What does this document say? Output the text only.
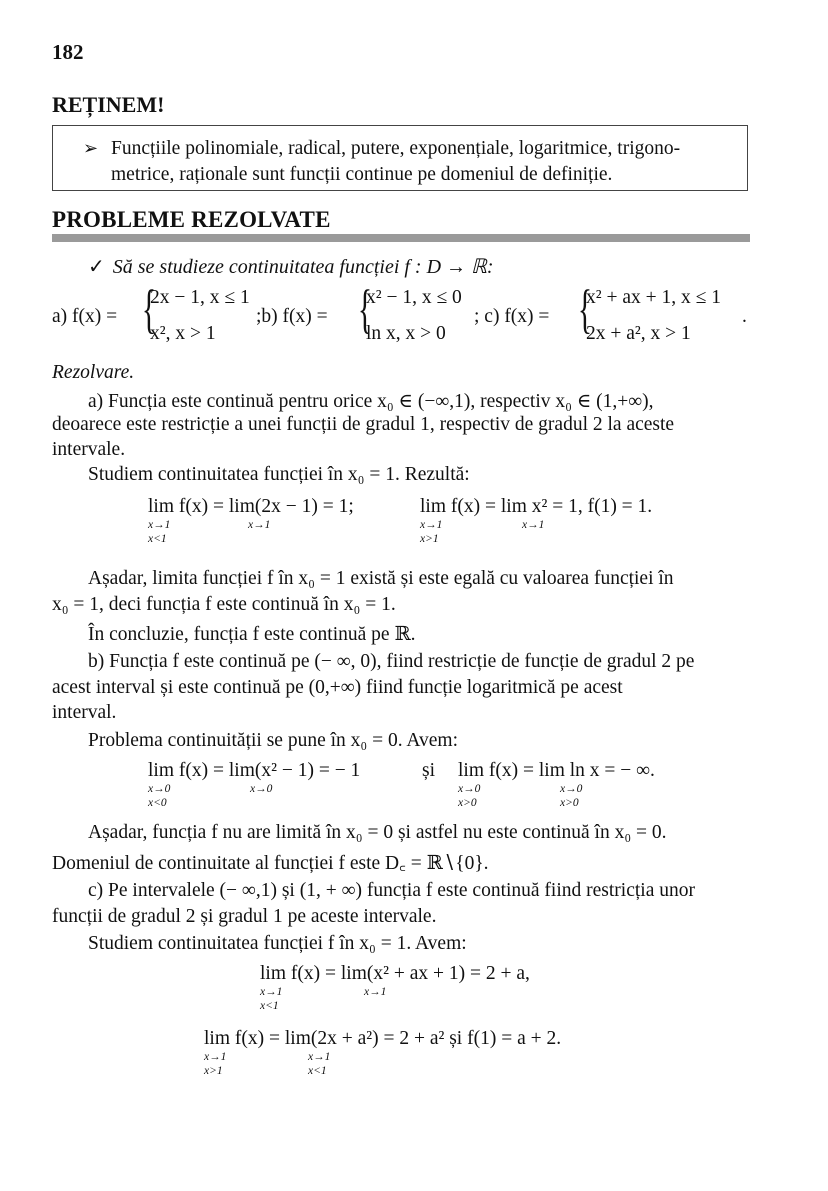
182
REȚINEM!
➢ Funcțiile polinomiale, radical, putere, exponențiale, logaritmice, trigono-
metrice, raționale sunt funcții continue pe domeniul de definiție.
PROBLEME REZOLVATE
✓ Să se studieze continuitatea funcției f : D → ℝ:
a) f(x) = {
2x − 1, x ≤ 1
x², x > 1
;b) f(x) = {
x² − 1, x ≤ 0
ln x, x > 0
; c) f(x) = {
x² + ax + 1, x ≤ 1
2x + a², x > 1
.
Rezolvare.
a) Funcția este continuă pentru orice x₀ ∈ (−∞,1), respectiv x₀ ∈ (1,+∞),
deoarece este restricție a unei funcții de gradul 1, respectiv de gradul 2 la aceste
intervale.
Studiem continuitatea funcției în x₀ = 1. Rezultă:
lim f(x) = lim(2x − 1) = 1;
x→1
x<1
x→1
lim f(x) = lim x² = 1, f(1) = 1.
x→1
x>1
x→1
Așadar, limita funcției f în x₀ = 1 există și este egală cu valoarea funcției în
x₀ = 1, deci funcția f este continuă în x₀ = 1.
În concluzie, funcția f este continuă pe ℝ.
b) Funcția f este continuă pe (− ∞, 0), fiind restricție de funcție de gradul 2 pe
acest interval și este continuă pe (0,+∞) fiind funcție logaritmică pe acest
interval.
Problema continuității se pune în x₀ = 0. Avem:
lim f(x) = lim(x² − 1) = − 1
x→0
x<0
x→0
și lim f(x) = lim ln x = − ∞.
x→0
x>0
x→0
x>0
Așadar, funcția f nu are limită în x₀ = 0 și astfel nu este continuă în x₀ = 0.
Domeniul de continuitate al funcției f este D꜀ = ℝ∖{0}.
c) Pe intervalele (− ∞,1) și (1, + ∞) funcția f este continuă fiind restricția unor
funcții de gradul 2 și gradul 1 pe aceste intervale.
Studiem continuitatea funcției f în x₀ = 1. Avem:
lim f(x) = lim(x² + ax + 1) = 2 + a,
x→1
x<1
x→1
lim f(x) = lim(2x + a²) = 2 + a² și f(1) = a + 2.
x→1
x>1
x→1
x<1
